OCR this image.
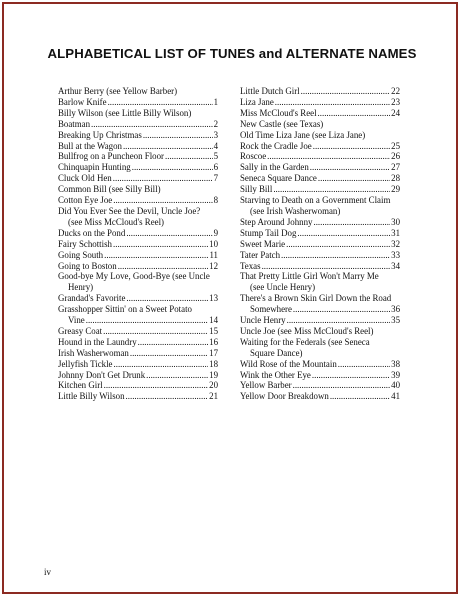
ALPHABETICAL LIST OF TUNES and ALTERNATE NAMES
Arthur Berry (see Yellow Barber)
Barlow Knife .....	1
Billy Wilson (see Little Billy Wilson)
Boatman .....	2
Breaking Up Christmas .....	3
Bull at the Wagon .....	4
Bullfrog on a Puncheon Floor .....	5
Chinquapin Hunting .....	6
Cluck Old Hen .....	7
Common Bill (see Silly Bill)
Cotton Eye Joe .....	8
Did You Ever See the Devil, Uncle Joe?
(see Miss McCloud's Reel)
Ducks on the Pond .....	9
Fairy Schottish .....	10
Going South .....	11
Going to Boston .....	12
Good-bye My Love, Good-Bye (see Uncle
Henry)
Grandad's Favorite .....	13
Grasshopper Sittin' on a Sweet Potato
Vine .....	14
Greasy Coat .....	15
Hound in the Laundry .....	16
Irish Washerwoman .....	17
Jellyfish Tickle .....	18
Johnny Don't Get Drunk .....	19
Kitchen Girl .....	20
Little Billy Wilson .....	21
Little Dutch Girl .....	22
Liza Jane .....	23
Miss McCloud's Reel .....	24
New Castle (see Texas)
Old Time Liza Jane (see Liza Jane)
Rock the Cradle Joe .....	25
Roscoe .....	26
Sally in the Garden .....	27
Seneca Square Dance .....	28
Silly Bill .....	29
Starving to Death on a Government Claim
(see Irish Washerwoman)
Step Around Johnny .....	30
Stump Tail Dog .....	31
Sweet Marie .....	32
Tater Patch .....	33
Texas .....	34
That Pretty Little Girl Won't Marry Me
(see Uncle Henry)
There's a Brown Skin Girl Down the Road
Somewhere .....	36
Uncle Henry .....	35
Uncle Joe (see Miss McCloud's Reel)
Waiting for the Federals (see Seneca
Square Dance)
Wild Rose of the Mountain .....	38
Wink the Other Eye .....	39
Yellow Barber .....	40
Yellow Door Breakdown .....	41
iv
